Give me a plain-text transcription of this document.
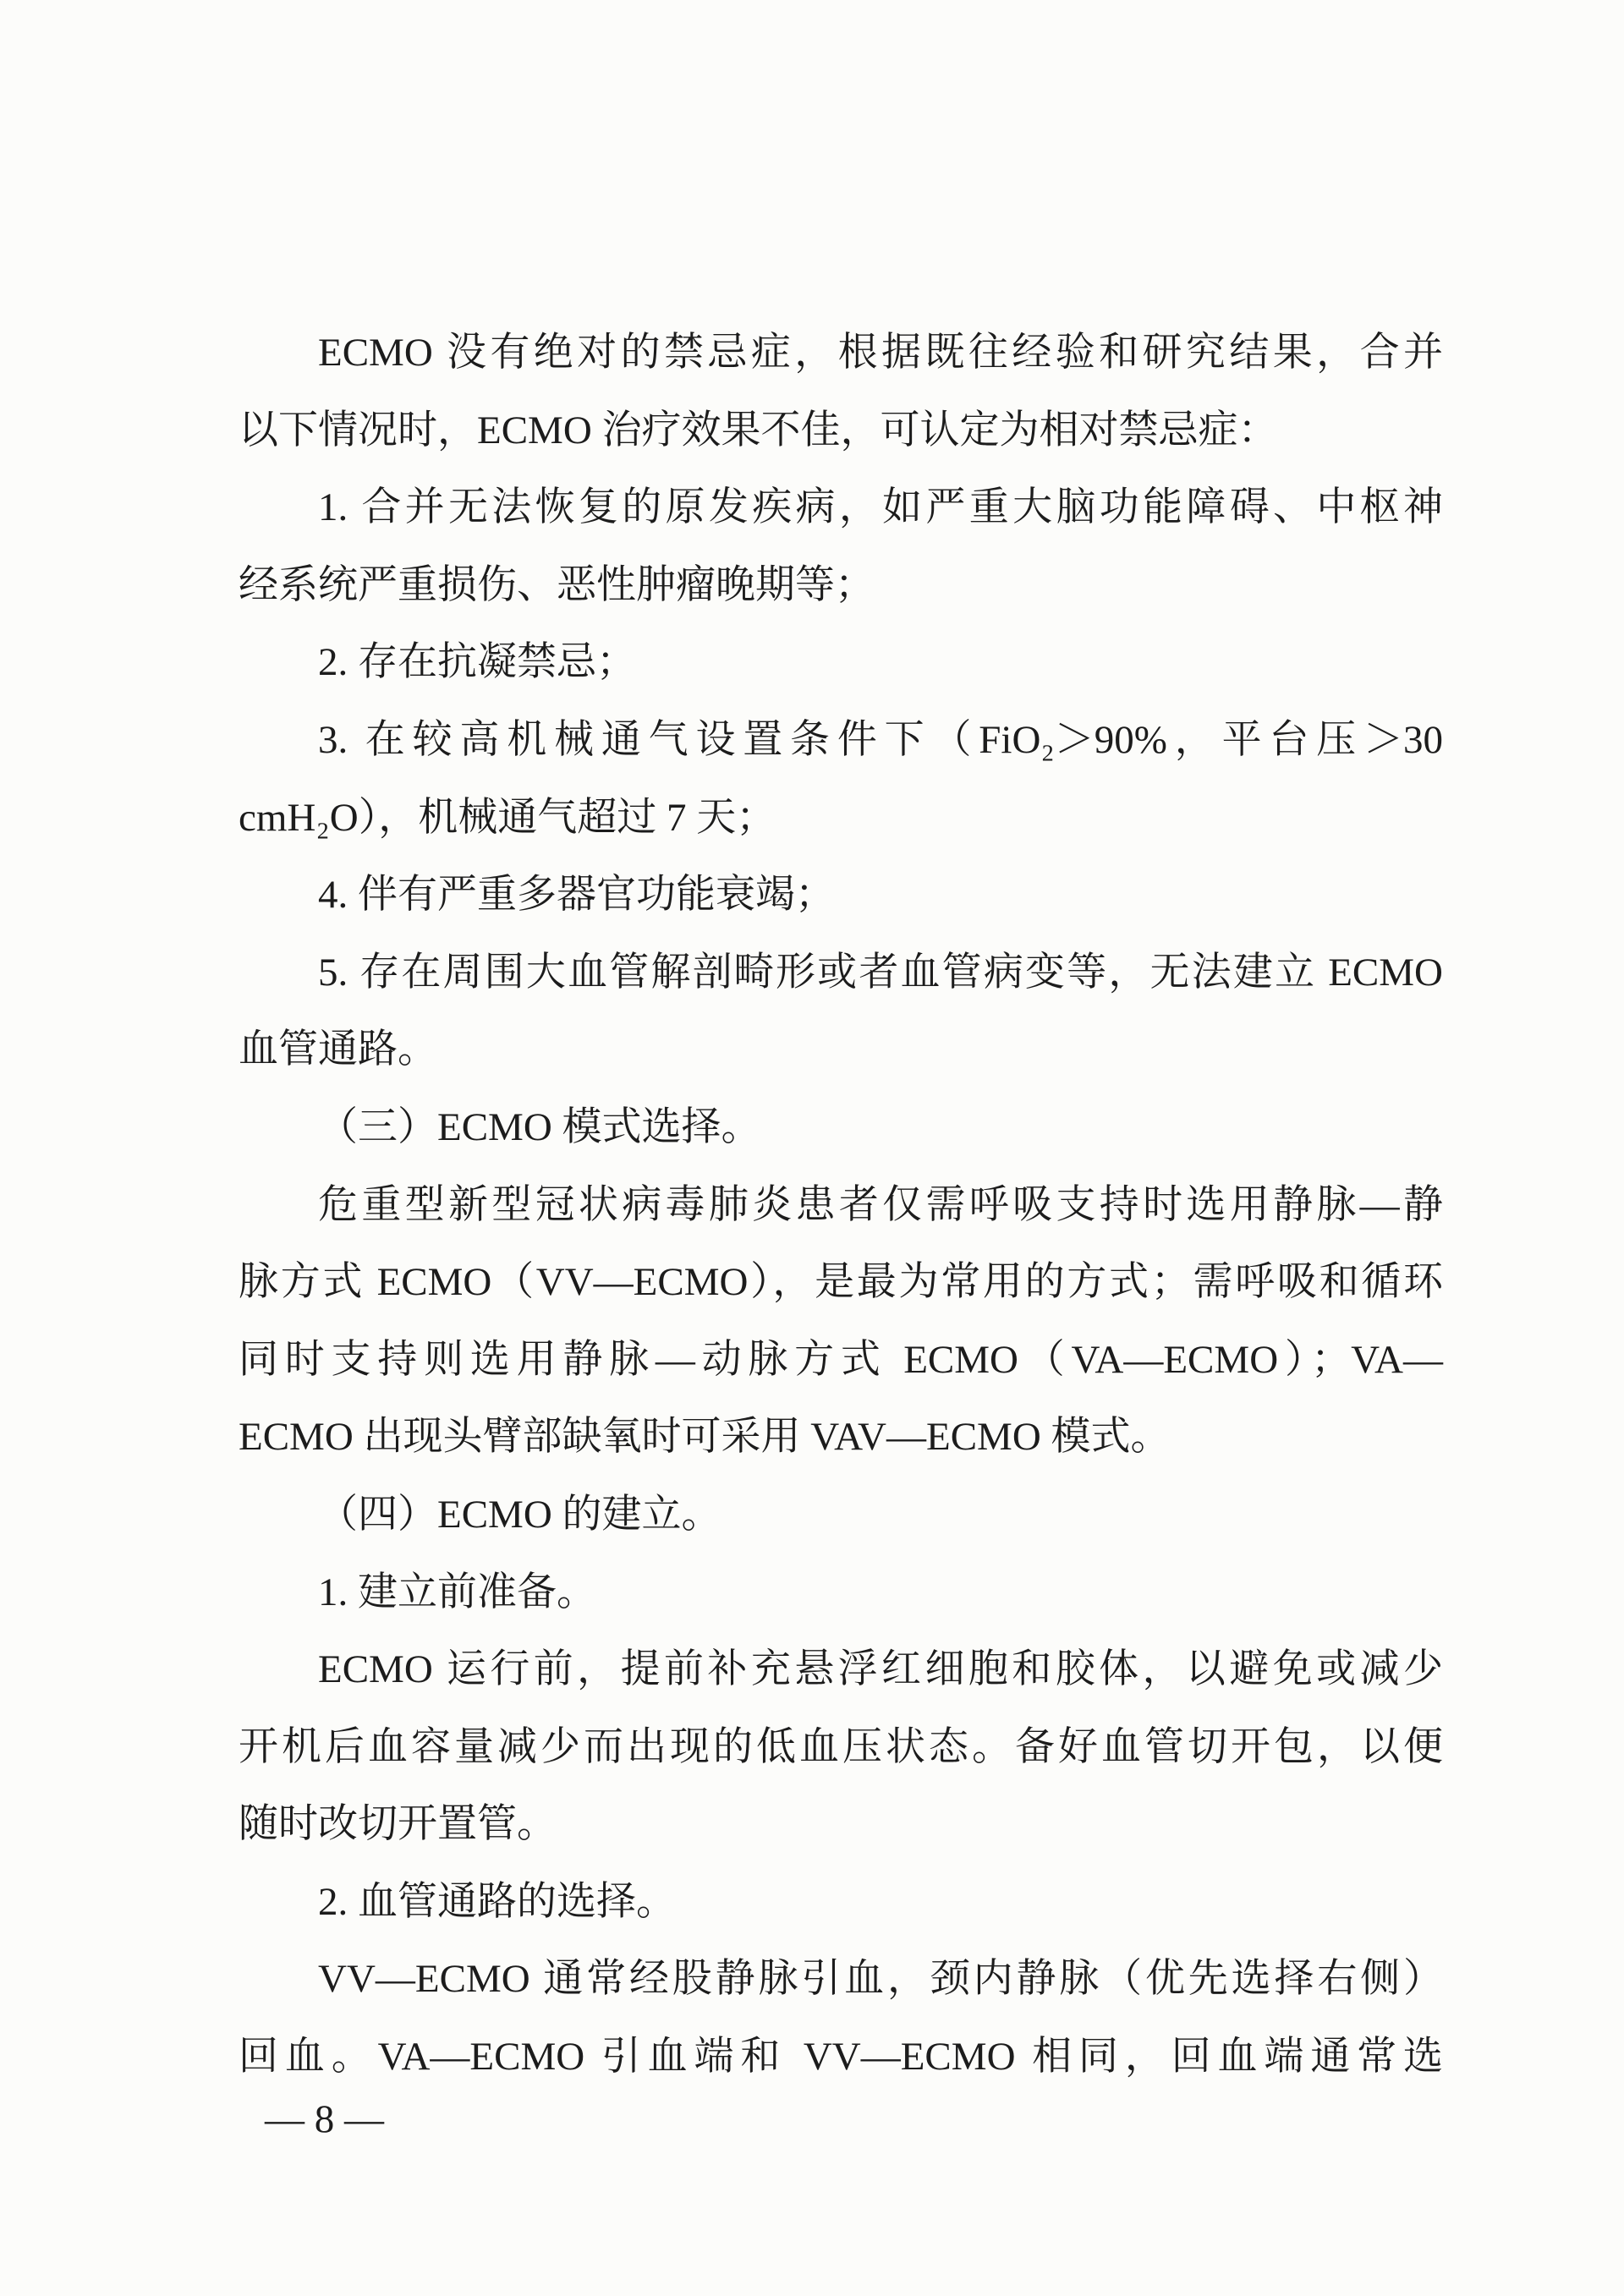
ECMO 没有绝对的禁忌症，根据既往经验和研究结果，合并
以下情况时，ECMO 治疗效果不佳，可认定为相对禁忌症：
1. 合并无法恢复的原发疾病，如严重大脑功能障碍、中枢神
经系统严重损伤、恶性肿瘤晚期等；
2. 存在抗凝禁忌；
3. 在较高机械通气设置条件下（FiO₂＞90%，平台压＞30
cmH₂O），机械通气超过 7 天；
4. 伴有严重多器官功能衰竭；
5. 存在周围大血管解剖畸形或者血管病变等，无法建立 ECMO
血管通路。
（三）ECMO 模式选择。
危重型新型冠状病毒肺炎患者仅需呼吸支持时选用静脉—静
脉方式 ECMO（VV—ECMO），是最为常用的方式；需呼吸和循环
同时支持则选用静脉—动脉方式 ECMO（VA—ECMO）；VA—
ECMO 出现头臂部缺氧时可采用 VAV—ECMO 模式。
（四）ECMO 的建立。
1. 建立前准备。
ECMO 运行前，提前补充悬浮红细胞和胶体，以避免或减少
开机后血容量减少而出现的低血压状态。备好血管切开包，以便
随时改切开置管。
2. 血管通路的选择。
VV—ECMO 通常经股静脉引血，颈内静脉（优先选择右侧）
回血。VA—ECMO 引血端和 VV—ECMO 相同，回血端通常选
— 8 —
